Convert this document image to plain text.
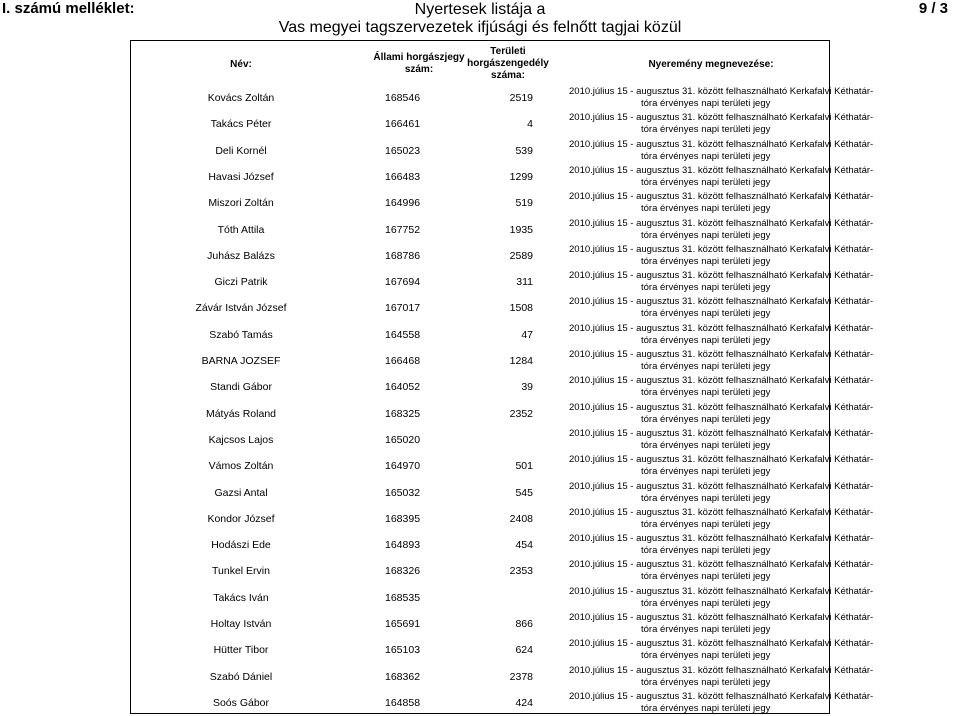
I. számú melléklet:	9 / 3
Nyertesek listája a
Vas megyei tagszervezetek ifjúsági és felnőtt tagjai közül
Név:
Állami horgászjegy
szám:
Területi
horgászengedély
száma:
Nyeremény megnevezése:
Kovács Zoltán	168546	2519
2010.július 15 - augusztus 31. között felhasználható Kerkafalvi Kéthatár-
tóra érvényes napi területi jegy
Takács Péter	166461	4
2010.július 15 - augusztus 31. között felhasználható Kerkafalvi Kéthatár-
tóra érvényes napi területi jegy
Deli Kornél	165023	539
2010.július 15 - augusztus 31. között felhasználható Kerkafalvi Kéthatár-
tóra érvényes napi területi jegy
Havasi József	166483	1299
2010.július 15 - augusztus 31. között felhasználható Kerkafalvi Kéthatár-
tóra érvényes napi területi jegy
Miszori Zoltán	164996	519
2010.július 15 - augusztus 31. között felhasználható Kerkafalvi Kéthatár-
tóra érvényes napi területi jegy
Tóth Attila	167752	1935
2010.július 15 - augusztus 31. között felhasználható Kerkafalvi Kéthatár-
tóra érvényes napi területi jegy
Juhász Balázs	168786	2589
2010.július 15 - augusztus 31. között felhasználható Kerkafalvi Kéthatár-
tóra érvényes napi területi jegy
Giczi Patrik	167694	311
2010.július 15 - augusztus 31. között felhasználható Kerkafalvi Kéthatár-
tóra érvényes napi területi jegy
Závár István József	167017	1508
2010.július 15 - augusztus 31. között felhasználható Kerkafalvi Kéthatár-
tóra érvényes napi területi jegy
Szabó Tamás	164558	47
2010.július 15 - augusztus 31. között felhasználható Kerkafalvi Kéthatár-
tóra érvényes napi területi jegy
BARNA JOZSEF	166468	1284
2010.július 15 - augusztus 31. között felhasználható Kerkafalvi Kéthatár-
tóra érvényes napi területi jegy
Standi Gábor	164052	39
2010.július 15 - augusztus 31. között felhasználható Kerkafalvi Kéthatár-
tóra érvényes napi területi jegy
Mátyás Roland	168325	2352
2010.július 15 - augusztus 31. között felhasználható Kerkafalvi Kéthatár-
tóra érvényes napi területi jegy
Kajcsos Lajos	165020
2010.július 15 - augusztus 31. között felhasználható Kerkafalvi Kéthatár-
tóra érvényes napi területi jegy
Vámos Zoltán	164970	501
2010.július 15 - augusztus 31. között felhasználható Kerkafalvi Kéthatár-
tóra érvényes napi területi jegy
Gazsi Antal	165032	545
2010.július 15 - augusztus 31. között felhasználható Kerkafalvi Kéthatár-
tóra érvényes napi területi jegy
Kondor József	168395	2408
2010.július 15 - augusztus 31. között felhasználható Kerkafalvi Kéthatár-
tóra érvényes napi területi jegy
Hodászi Ede	164893	454
2010.július 15 - augusztus 31. között felhasználható Kerkafalvi Kéthatár-
tóra érvényes napi területi jegy
Tunkel Ervin	168326	2353
2010.július 15 - augusztus 31. között felhasználható Kerkafalvi Kéthatár-
tóra érvényes napi területi jegy
Takács Iván	168535
2010.július 15 - augusztus 31. között felhasználható Kerkafalvi Kéthatár-
tóra érvényes napi területi jegy
Holtay István	165691	866
2010.július 15 - augusztus 31. között felhasználható Kerkafalvi Kéthatár-
tóra érvényes napi területi jegy
Hütter Tibor	165103	624
2010.július 15 - augusztus 31. között felhasználható Kerkafalvi Kéthatár-
tóra érvényes napi területi jegy
Szabó Dániel	168362	2378
2010.július 15 - augusztus 31. között felhasználható Kerkafalvi Kéthatár-
tóra érvényes napi területi jegy
Soós Gábor	164858	424
2010.július 15 - augusztus 31. között felhasználható Kerkafalvi Kéthatár-
tóra érvényes napi területi jegy
